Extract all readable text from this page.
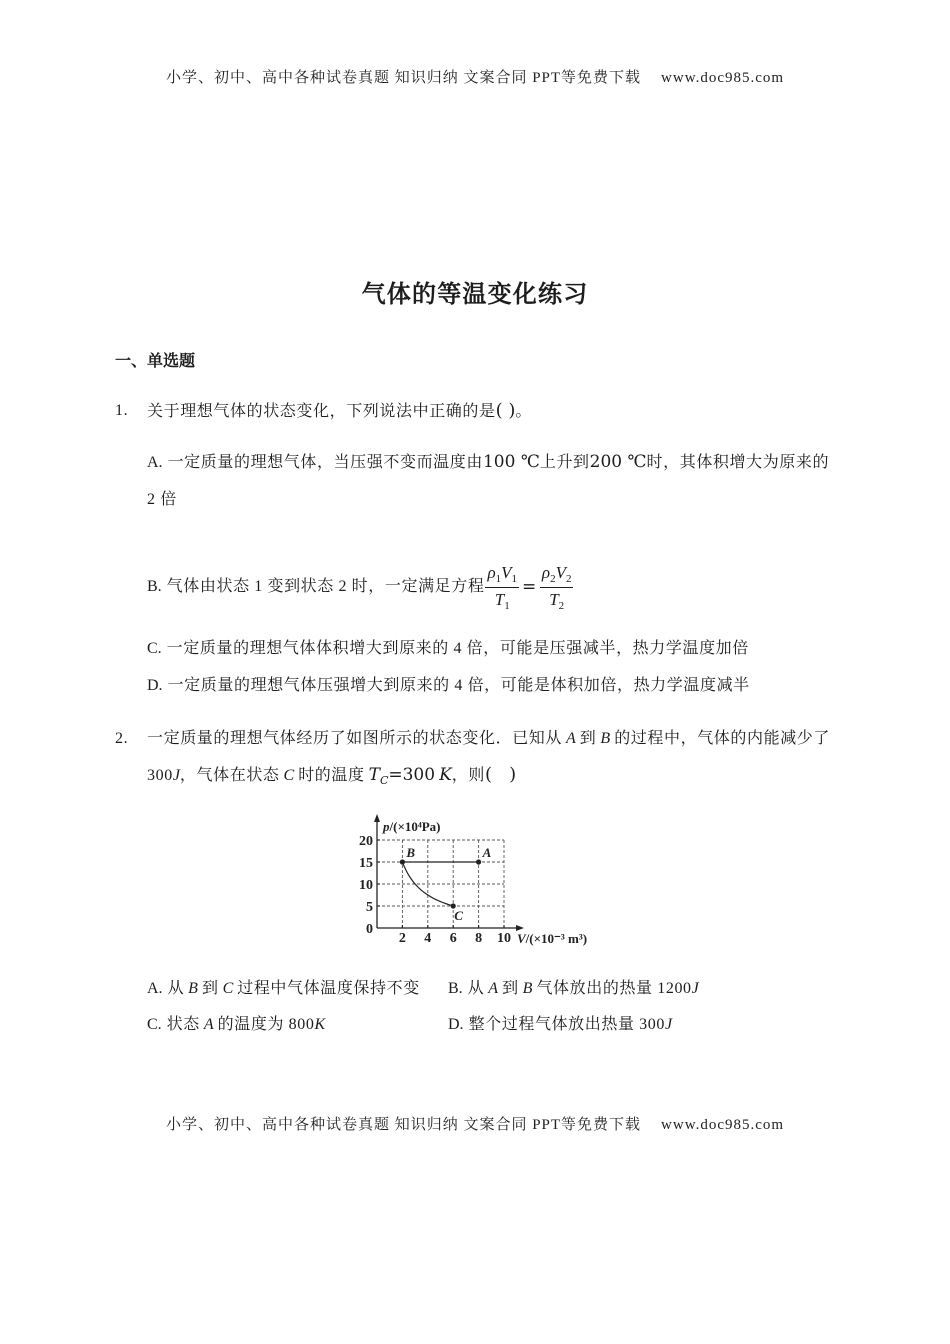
小学、初中、高中各种试卷真题 知识归纳 文案合同 PPT等免费下载 www.doc985.com
气体的等温变化练习
一、单选题
1. 关于理想气体的状态变化，下列说法中正确的是( )。
A. 一定质量的理想气体，当压强不变而温度由100 ℃上升到200 ℃时，其体积增大为原来的
2 倍
B. 气体由状态 1 变到状态 2 时，一定满足方程 $\frac{\rho_1V_1}{T_1} = \frac{\rho_2V_2}{T_2}$
C. 一定质量的理想气体体积增大到原来的 4 倍，可能是压强减半，热力学温度加倍
D. 一定质量的理想气体压强增大到原来的 4 倍，可能是体积加倍，热力学温度减半
2. 一定质量的理想气体经历了如图所示的状态变化．已知从 A 到 B 的过程中，气体的内能减少了
300J，气体在状态 C 时的温度 $T_C=300$ K，则(   )
2 4 6 8 10
0
5
10
15
20
p/(×10⁴Pa)
V/(×10⁻³ m³)
B	A
C
A. 从 B 到 C 过程中气体温度保持不变 B. 从 A 到 B 气体放出的热量 1200J
C. 状态 A 的温度为 800K	D. 整个过程气体放出热量 300J
小学、初中、高中各种试卷真题 知识归纳 文案合同 PPT等免费下载 www.doc985.com
